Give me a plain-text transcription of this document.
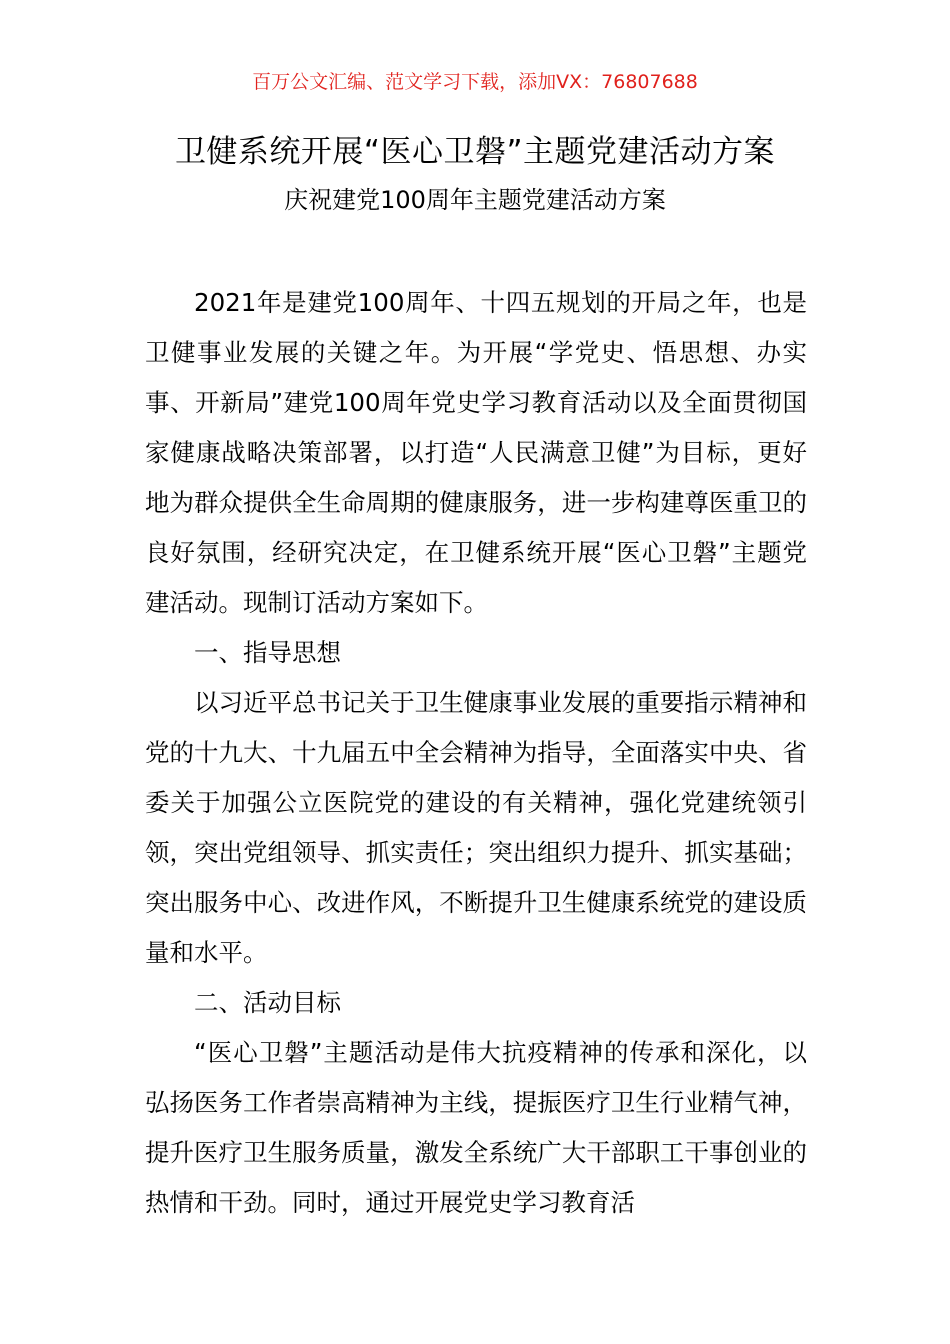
百万公文汇编、范文学习下载，添加VX：76807688
卫健系统开展“医心卫磐”主题党建活动方案
庆祝建党100周年主题党建活动方案

2021年是建党100周年、十四五规划的开局之年，也是卫健事业发展的关键之年。为开展“学党史、悟思想、办实事、开新局”建党100周年党史学习教育活动以及全面贯彻国家健康战略决策部署，以打造“人民满意卫健”为目标，更好地为群众提供全生命周期的健康服务，进一步构建尊医重卫的良好氛围，经研究决定，在卫健系统开展“医心卫磐”主题党建活动。现制订活动方案如下。

一、指导思想

以习近平总书记关于卫生健康事业发展的重要指示精神和党的十九大、十九届五中全会精神为指导，全面落实中央、省委关于加强公立医院党的建设的有关精神，强化党建统领引领，突出党组领导、抓实责任；突出组织力提升、抓实基础；突出服务中心、改进作风，不断提升卫生健康系统党的建设质量和水平。

二、活动目标

“医心卫磐”主题活动是伟大抗疫精神的传承和深化，以弘扬医务工作者崇高精神为主线，提振医疗卫生行业精气神，提升医疗卫生服务质量，激发全系统广大干部职工干事创业的热情和干劲。同时，通过开展党史学习教育活
